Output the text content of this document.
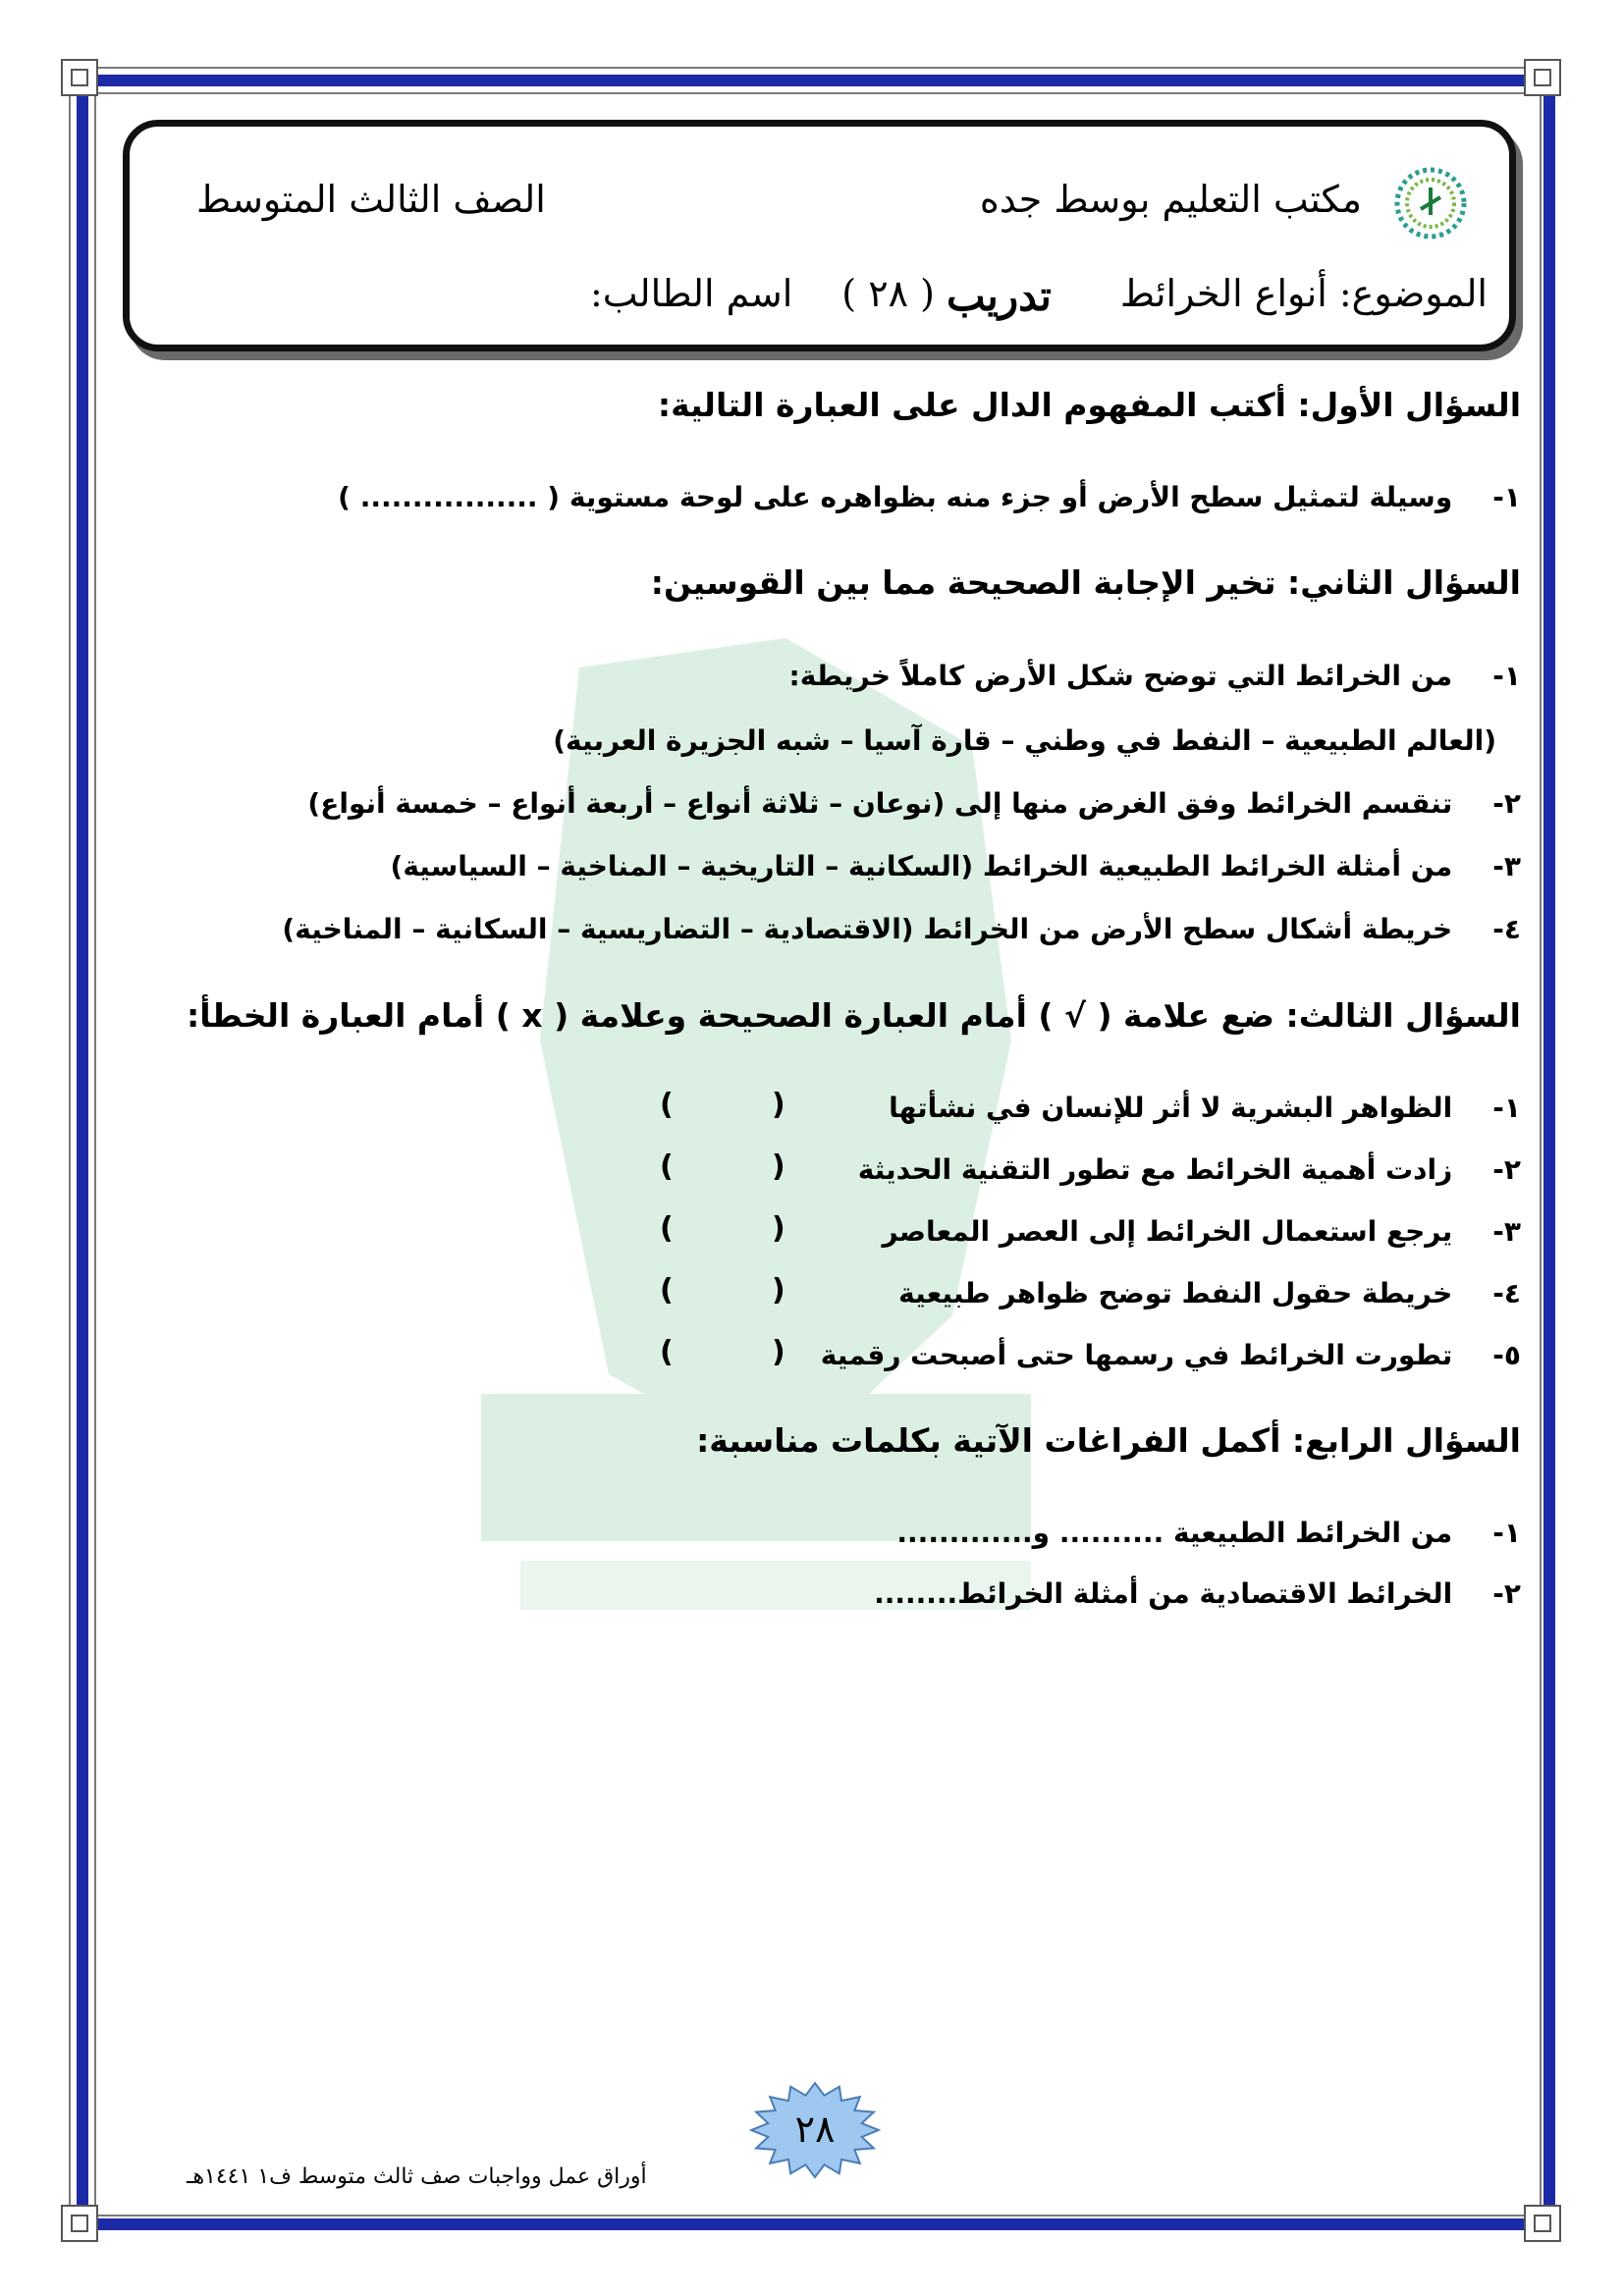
مكتب التعليم بوسط جده
الصف الثالث المتوسط
الموضوع: أنواع الخرائط
تدريب
( ٢٨ )
اسم الطالب:
السؤال الأول: أكتب المفهوم الدال على العبارة التالية:
١- وسيلة لتمثيل سطح الأرض أو جزء منه بظواهره على لوحة مستوية ( ................. )
السؤال الثاني: تخير الإجابة الصحيحة مما بين القوسين:
١- من الخرائط التي توضح شكل الأرض كاملاً خريطة:
(العالم الطبيعية – النفط في وطني – قارة آسيا – شبه الجزيرة العربية)
٢- تنقسم الخرائط وفق الغرض منها إلى (نوعان – ثلاثة أنواع – أربعة أنواع – خمسة أنواع)
٣- من أمثلة الخرائط الطبيعية الخرائط (السكانية – التاريخية – المناخية – السياسية)
٤- خريطة أشكال سطح الأرض من الخرائط (الاقتصادية – التضاريسية – السكانية – المناخية)
السؤال الثالث: ضع علامة ( √ ) أمام العبارة الصحيحة وعلامة ( x ) أمام العبارة الخطأ:
١- الظواهر البشرية لا أثر للإنسان في نشأتها
٢- زادت أهمية الخرائط مع تطور التقنية الحديثة
٣- يرجع استعمال الخرائط إلى العصر المعاصر
٤- خريطة حقول النفط توضح ظواهر طبيعية
٥- تطورت الخرائط في رسمها حتى أصبحت رقمية
(
)
(
)
(
)
(
)
(
)
السؤال الرابع: أكمل الفراغات الآتية بكلمات مناسبة:
١- من الخرائط الطبيعية .......... و.............
٢- الخرائط الاقتصادية من أمثلة الخرائط........
٢٨
أوراق عمل وواجبات صف ثالث متوسط ف١ ١٤٤١هـ
